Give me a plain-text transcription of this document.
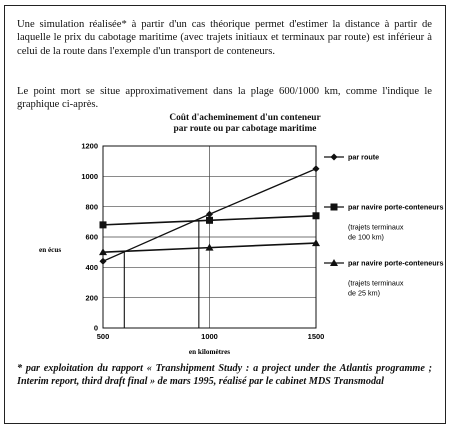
Une simulation réalisée* à partir d'un cas théorique permet d'estimer la distance à partir de laquelle le prix du cabotage maritime (avec trajets initiaux et terminaux par route) est inférieur à celui de la route dans l'exemple d'un transport de conteneurs.

Le point mort se situe approximativement dans la plage 600/1000 km, comme l'indique le graphique ci-après.

Coût d'acheminement d'un conteneur
par route ou par cabotage maritime
0
200
400
600
800
1000
1200
500	1000	1500
en écus
en kilomètres
par route
par navire porte-conteneurs
(trajets terminaux
de 100 km)
par navire porte-conteneurs
(trajets terminaux
de 25 km)

* par exploitation du rapport « Transhipment Study : a project under the Atlantis programme ; Interim report, third draft final » de mars 1995, réalisé par le cabinet MDS Transmodal
